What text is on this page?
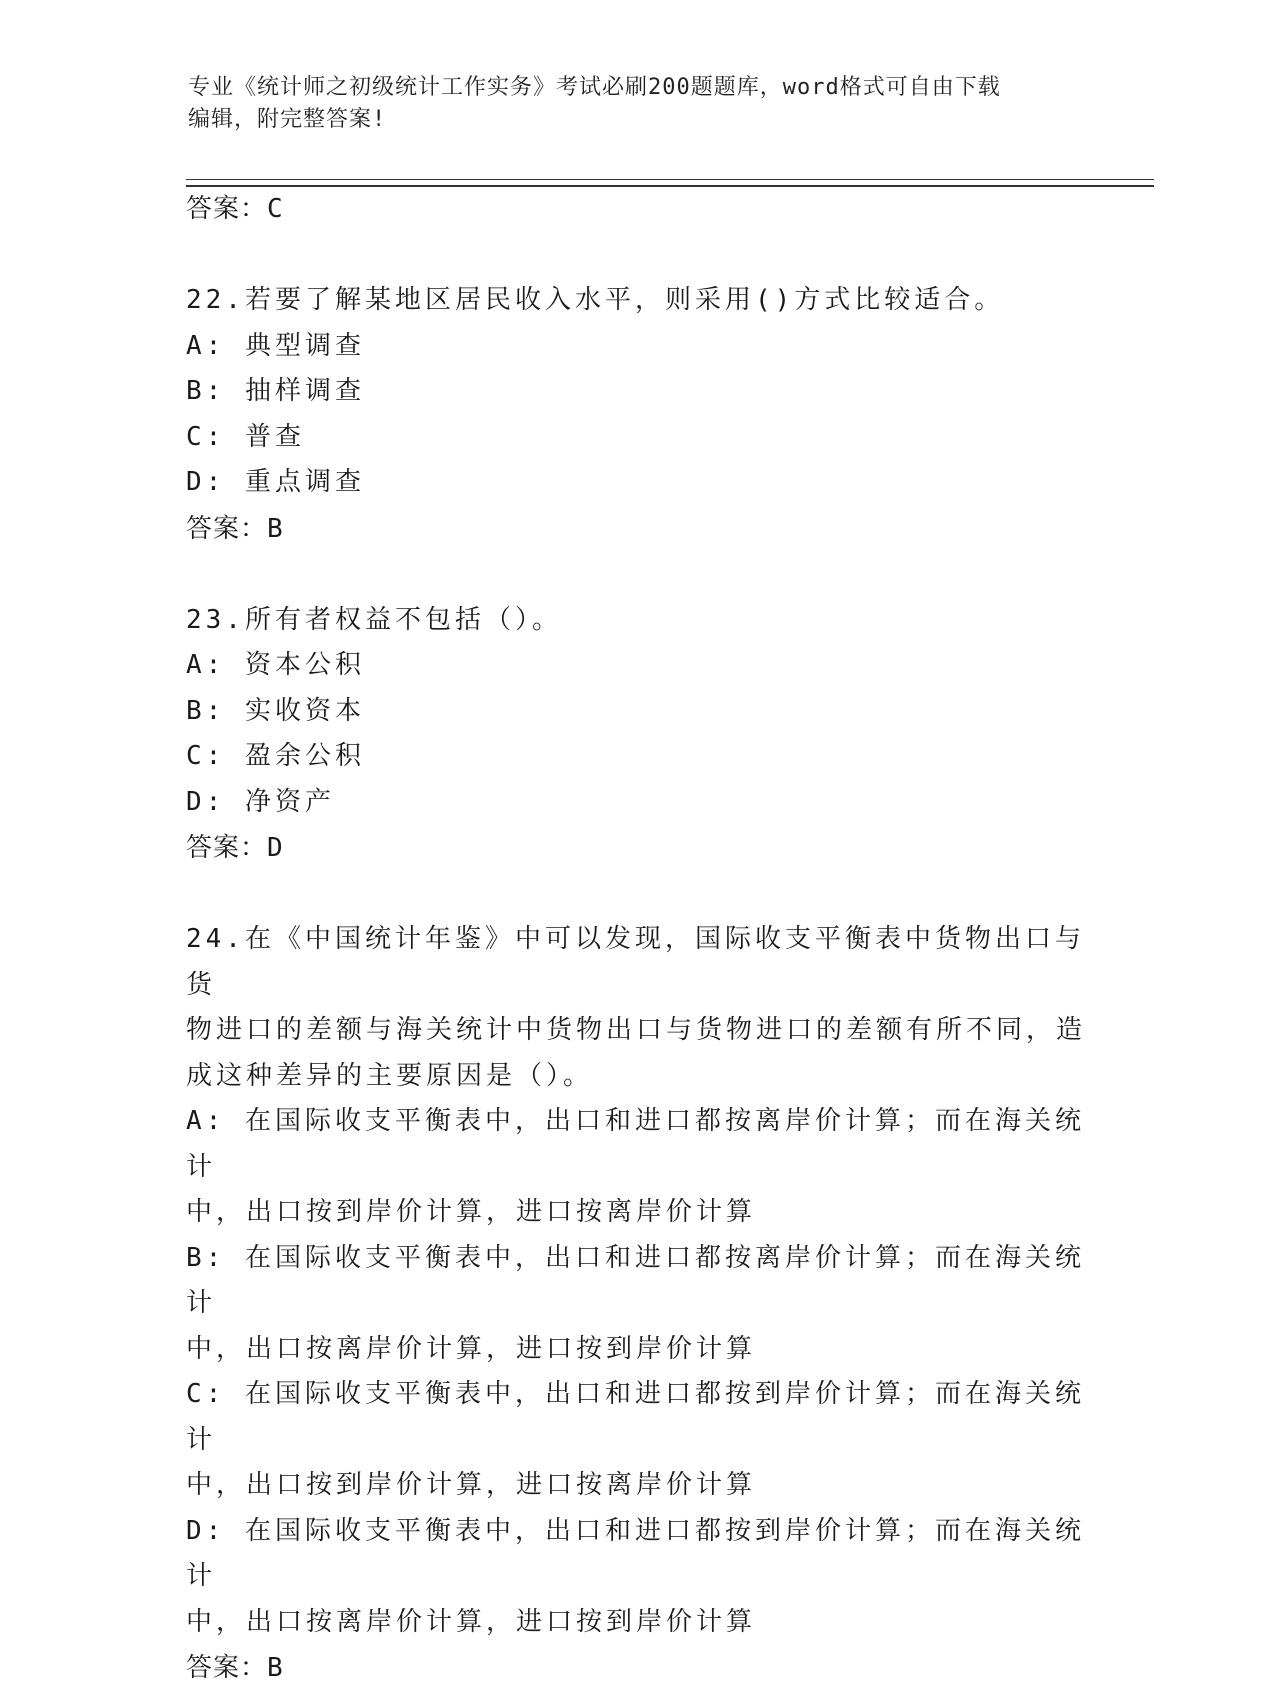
专业《统计师之初级统计工作实务》考试必刷200题题库，word格式可自由下载
编辑，附完整答案!

答案：C

22.若要了解某地区居民收入水平，则采用()方式比较适合。

A: 典型调查

B: 抽样调查

C: 普查

D: 重点调查

答案：B

23.所有者权益不包括（）。

A: 资本公积

B: 实收资本

C: 盈余公积

D: 净资产

答案：D

24.在《中国统计年鉴》中可以发现，国际收支平衡表中货物出口与货

物进口的差额与海关统计中货物出口与货物进口的差额有所不同，造

成这种差异的主要原因是（）。

A: 在国际收支平衡表中，出口和进口都按离岸价计算；而在海关统计

中，出口按到岸价计算，进口按离岸价计算

B: 在国际收支平衡表中，出口和进口都按离岸价计算；而在海关统计

中，出口按离岸价计算，进口按到岸价计算

C: 在国际收支平衡表中，出口和进口都按到岸价计算；而在海关统计

中，出口按到岸价计算，进口按离岸价计算

D: 在国际收支平衡表中，出口和进口都按到岸价计算；而在海关统计

中，出口按离岸价计算，进口按到岸价计算

答案：B
